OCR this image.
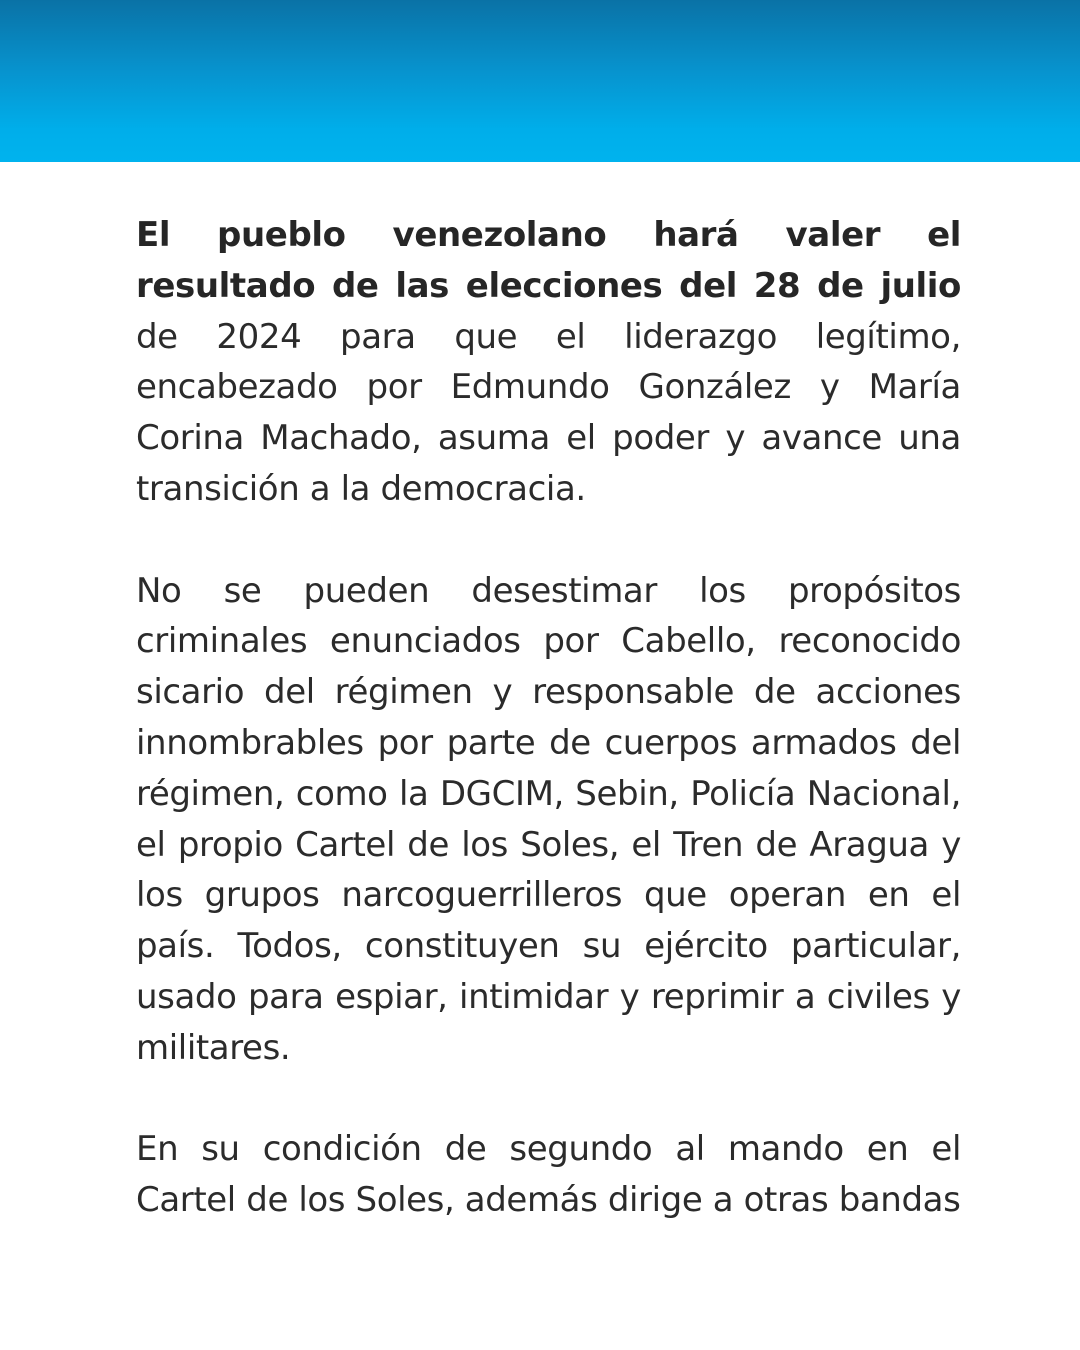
El pueblo venezolano hará valer el resultado de las elecciones del 28 de julio de 2024 para que el liderazgo legítimo, encabezado por Edmundo González y María Corina Machado, asuma el poder y avance una transición a la democracia.

No se pueden desestimar los propósitos criminales enunciados por Cabello, reconocido sicario del régimen y responsable de acciones innombrables por parte de cuerpos armados del régimen, como la DGCIM, Sebin, Policía Nacional, el propio Cartel de los Soles, el Tren de Aragua y los grupos narcoguerrilleros que operan en el país. Todos, constituyen su ejército particular, usado para espiar, intimidar y reprimir a civiles y militares.

En su condición de segundo al mando en el Cartel de los Soles, además dirige a otras bandas
